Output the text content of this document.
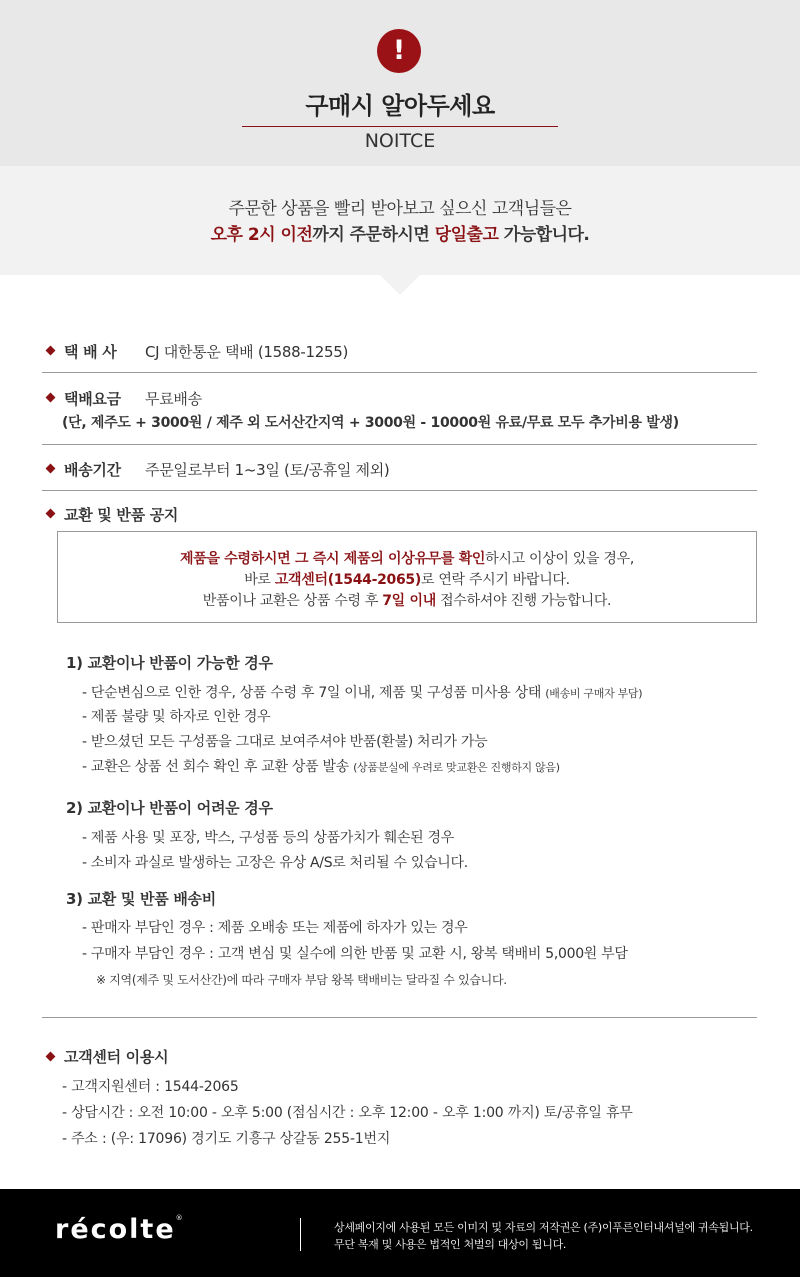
!
구매시 알아두세요
NOITCE
주문한 상품을 빨리 받아보고 싶으신 고객님들은
오후 2시 이전까지 주문하시면 당일출고 가능합니다.
택 배 사 CJ 대한통운 택배 (1588-1255)
택배요금 무료배송
(단, 제주도 + 3000원 / 제주 외 도서산간지역 + 3000원 - 10000원 유료/무료 모두 추가비용 발생)
배송기간 주문일로부터 1~3일 (토/공휴일 제외)
교환 및 반품 공지
제품을 수령하시면 그 즉시 제품의 이상유무를 확인하시고 이상이 있을 경우,
바로 고객센터(1544-2065)로 연락 주시기 바랍니다.
반품이나 교환은 상품 수령 후 7일 이내 접수하셔야 진행 가능합니다.
1) 교환이나 반품이 가능한 경우
- 단순변심으로 인한 경우, 상품 수령 후 7일 이내, 제품 및 구성품 미사용 상태 (배송비 구매자 부담)
- 제품 불량 및 하자로 인한 경우
- 받으셨던 모든 구성품을 그대로 보여주셔야 반품(환불) 처리가 가능
- 교환은 상품 선 회수 확인 후 교환 상품 발송 (상품분실에 우려로 맞교환은 진행하지 않음)
2) 교환이나 반품이 어려운 경우
- 제품 사용 및 포장, 박스, 구성품 등의 상품가치가 훼손된 경우
- 소비자 과실로 발생하는 고장은 유상 A/S로 처리될 수 있습니다.
3) 교환 및 반품 배송비
- 판매자 부담인 경우 : 제품 오배송 또는 제품에 하자가 있는 경우
- 구매자 부담인 경우 : 고객 변심 및 실수에 의한 반품 및 교환 시, 왕복 택배비 5,000원 부담
※ 지역(제주 및 도서산간)에 따라 구매자 부담 왕복 택배비는 달라질 수 있습니다.
고객센터 이용시
- 고객지원센터 : 1544-2065
- 상담시간 : 오전 10:00 - 오후 5:00 (점심시간 : 오후 12:00 - 오후 1:00 까지) 토/공휴일 휴무
- 주소 : (우: 17096) 경기도 기흥구 상갈동 255-1번지
récolte®
상세페이지에 사용된 모든 이미지 및 자료의 저작권은 (주)이푸른인터내셔널에 귀속됩니다.
무단 복재 및 사용은 법적인 처벌의 대상이 됩니다.
